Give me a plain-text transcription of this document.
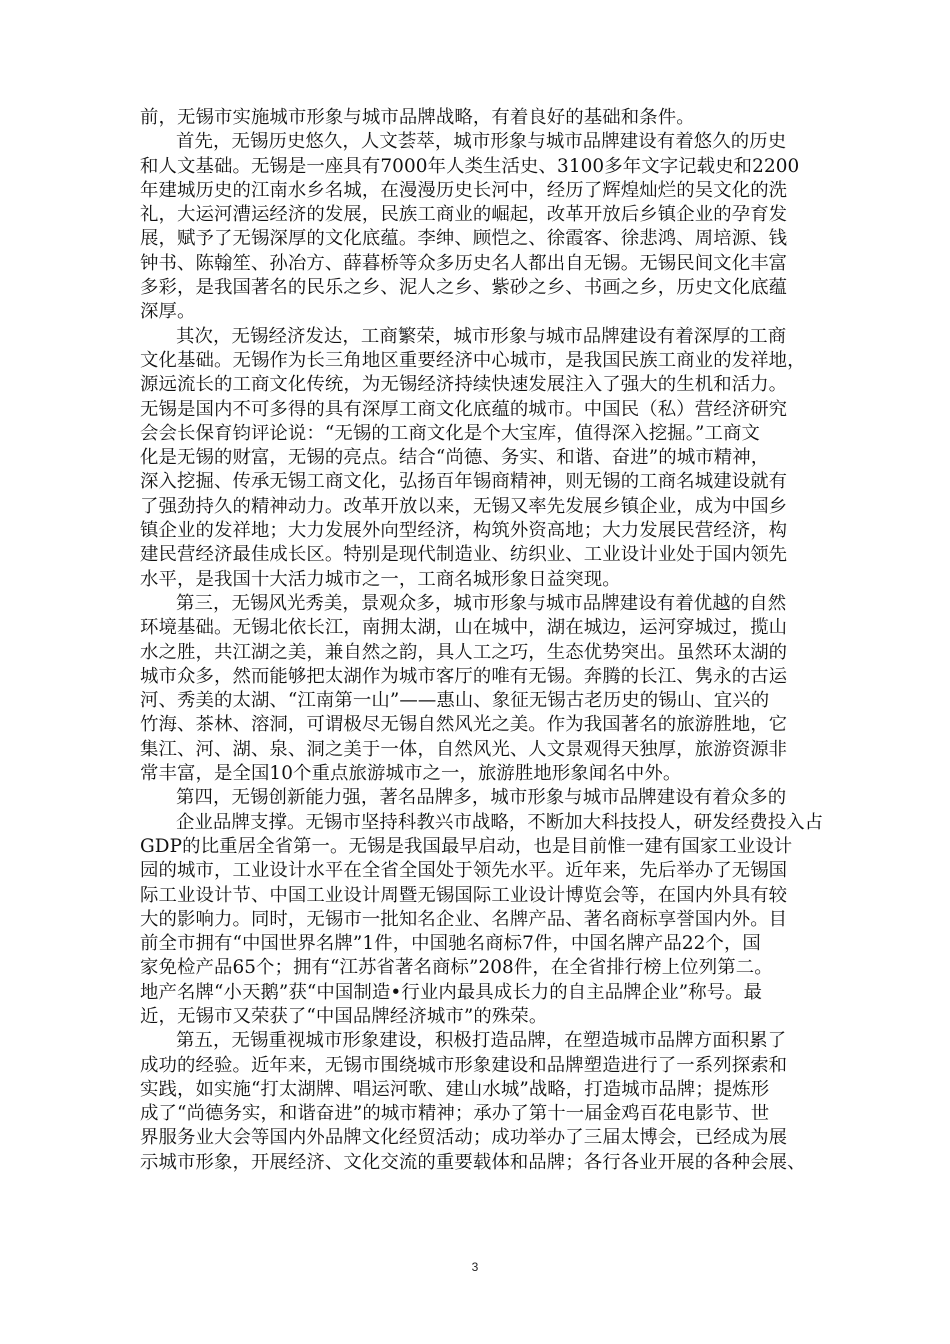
前，无锡市实施城市形象与城市品牌战略，有着良好的基础和条件。
首先，无锡历史悠久，人文荟萃，城市形象与城市品牌建设有着悠久的历史
和人文基础。无锡是一座具有7000年人类生活史、3100多年文字记载史和2200
年建城历史的江南水乡名城，在漫漫历史长河中，经历了辉煌灿烂的吴文化的洗
礼，大运河漕运经济的发展，民族工商业的崛起，改革开放后乡镇企业的孕育发
展，赋予了无锡深厚的文化底蕴。李绅、顾恺之、徐霞客、徐悲鸿、周培源、钱
钟书、陈翰笙、孙冶方、薛暮桥等众多历史名人都出自无锡。无锡民间文化丰富
多彩，是我国著名的民乐之乡、泥人之乡、紫砂之乡、书画之乡，历史文化底蕴
深厚。
其次，无锡经济发达，工商繁荣，城市形象与城市品牌建设有着深厚的工商
文化基础。无锡作为长三角地区重要经济中心城市，是我国民族工商业的发祥地，
源远流长的工商文化传统，为无锡经济持续快速发展注入了强大的生机和活力。
无锡是国内不可多得的具有深厚工商文化底蕴的城市。中国民（私）营经济研究
会会长保育钧评论说：“无锡的工商文化是个大宝库，值得深入挖掘。”工商文
化是无锡的财富，无锡的亮点。结合“尚德、务实、和谐、奋进”的城市精神，
深入挖掘、传承无锡工商文化，弘扬百年锡商精神，则无锡的工商名城建设就有
了强劲持久的精神动力。改革开放以来，无锡又率先发展乡镇企业，成为中国乡
镇企业的发祥地；大力发展外向型经济，构筑外资高地；大力发展民营经济，构
建民营经济最佳成长区。特别是现代制造业、纺织业、工业设计业处于国内领先
水平，是我国十大活力城市之一，工商名城形象日益突现。
第三，无锡风光秀美，景观众多，城市形象与城市品牌建设有着优越的自然
环境基础。无锡北依长江，南拥太湖，山在城中，湖在城边，运河穿城过，揽山
水之胜，共江湖之美，兼自然之韵，具人工之巧，生态优势突出。虽然环太湖的
城市众多，然而能够把太湖作为城市客厅的唯有无锡。奔腾的长江、隽永的古运
河、秀美的太湖、“江南第一山”——惠山、象征无锡古老历史的锡山、宜兴的
竹海、茶林、溶洞，可谓极尽无锡自然风光之美。作为我国著名的旅游胜地，它
集江、河、湖、泉、洞之美于一体，自然风光、人文景观得天独厚，旅游资源非
常丰富，是全国10个重点旅游城市之一，旅游胜地形象闻名中外。
第四，无锡创新能力强，著名品牌多，城市形象与城市品牌建设有着众多的
企业品牌支撑。无锡市坚持科教兴市战略，不断加大科技投人，研发经费投入占
GDP的比重居全省第一。无锡是我国最早启动，也是目前惟一建有国家工业设计
园的城市，工业设计水平在全省全国处于领先水平。近年来，先后举办了无锡国
际工业设计节、中国工业设计周暨无锡国际工业设计博览会等，在国内外具有较
大的影响力。同时，无锡市一批知名企业、名牌产品、著名商标享誉国内外。目
前全市拥有“中国世界名牌”1件，中国驰名商标7件，中国名牌产品22个，国
家免检产品65个；拥有“江苏省著名商标”208件，在全省排行榜上位列第二。
地产名牌“小天鹅”获“中国制造•行业内最具成长力的自主品牌企业”称号。最
近，无锡市又荣获了“中国品牌经济城市”的殊荣。
第五，无锡重视城市形象建设，积极打造品牌，在塑造城市品牌方面积累了
成功的经验。近年来，无锡市围绕城市形象建设和品牌塑造进行了一系列探索和
实践，如实施“打太湖牌、唱运河歌、建山水城”战略，打造城市品牌；提炼形
成了“尚德务实，和谐奋进”的城市精神；承办了第十一届金鸡百花电影节、世
界服务业大会等国内外品牌文化经贸活动；成功举办了三届太博会，已经成为展
示城市形象，开展经济、文化交流的重要载体和品牌；各行各业开展的各种会展、
3
